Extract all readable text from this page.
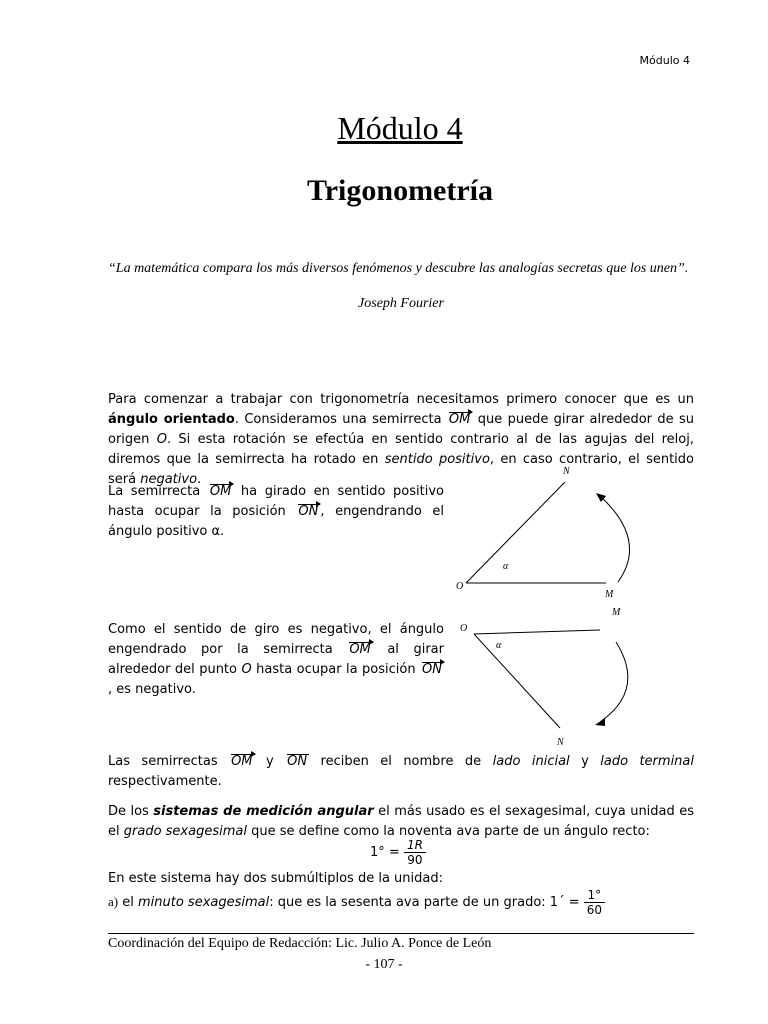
Módulo 4
Módulo 4
Trigonometría
“La matemática compara los más diversos fenómenos y descubre las analogías secretas que los unen”.
Joseph Fourier

Para comenzar a trabajar con trigonometría necesitamos primero conocer que es un ángulo orientado. Consideramos una semirrecta OM que puede girar alrededor de su origen O. Si esta rotación se efectúa en sentido contrario al de las agujas del reloj, diremos que la semirrecta ha rotado en sentido positivo, en caso contrario, el sentido será negativo.

La semirrecta OM ha girado en sentido positivo hasta ocupar la posición ON , engendrando el ángulo positivo α.

N
α
O
M

Como el sentido de giro es negativo, el ángulo engendrado por la semirrecta OM al girar alrededor del punto O hasta ocupar la posición ON, es negativo.

M
O
α
N

Las semirrectas OM y ON reciben el nombre de lado inicial y lado terminal respectivamente.

De los sistemas de medición angular el más usado es el sexagesimal, cuya unidad es el grado sexagesimal que se define como la noventa ava parte de un ángulo recto:

$1^\circ = \frac{1R}{90}$
En este sistema hay dos submúltiplos de la unidad:
a) el minuto sexagesimal: que es la sesenta ava parte de un grado: 1´ = $\frac{1^\circ}{60}$
Coordinación del Equipo de Redacción: Lic. Julio A. Ponce de León
- 107 -
